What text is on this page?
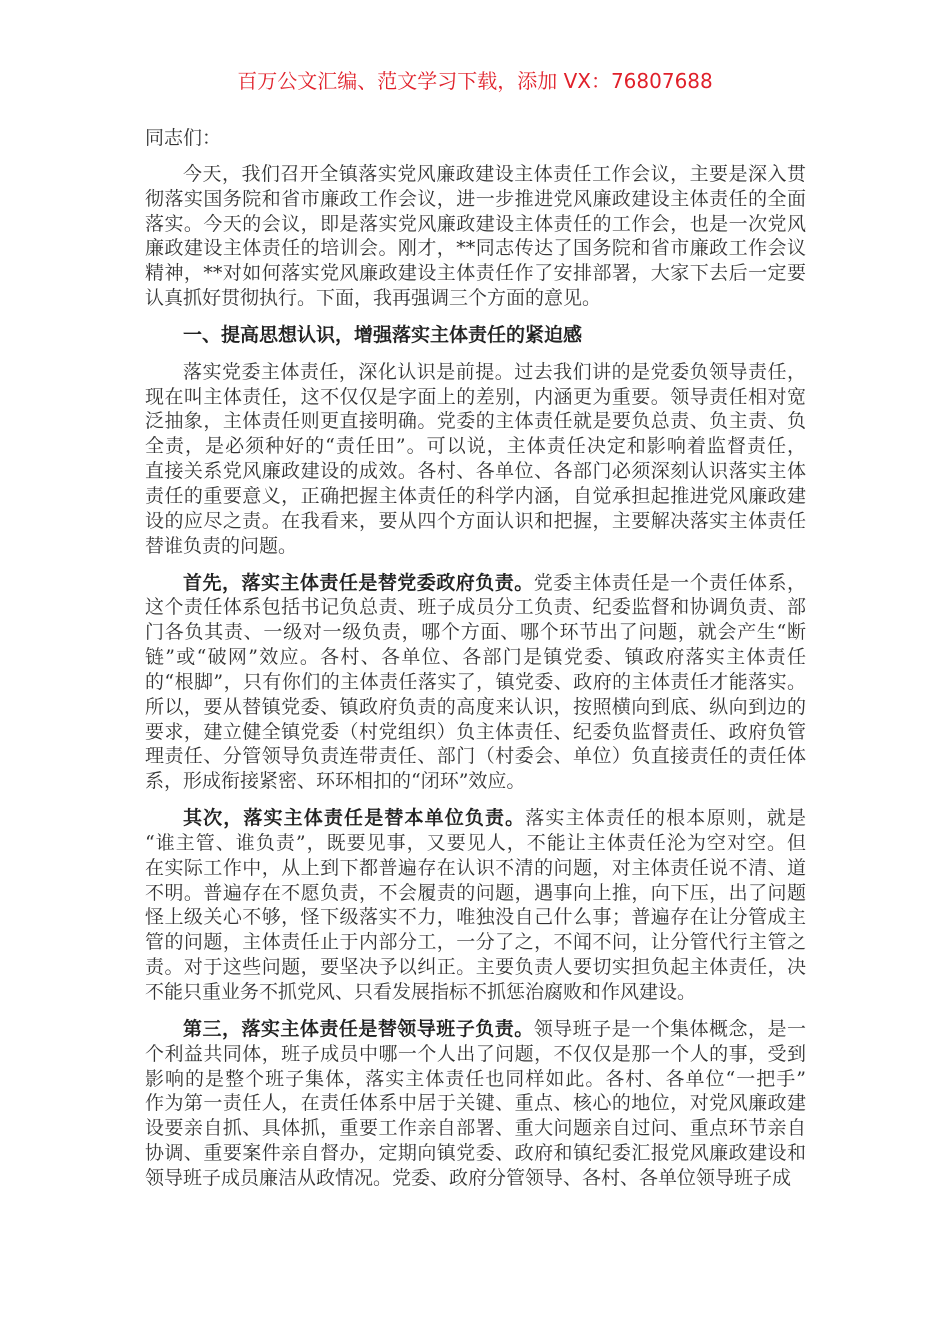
百万公文汇编、范文学习下载，添加 VX：76807688
同志们：
今天，我们召开全镇落实党风廉政建设主体责任工作会议，主要是深入贯
彻落实国务院和省市廉政工作会议，进一步推进党风廉政建设主体责任的全面
落实。今天的会议，即是落实党风廉政建设主体责任的工作会，也是一次党风
廉政建设主体责任的培训会。刚才，**同志传达了国务院和省市廉政工作会议
精神，**对如何落实党风廉政建设主体责任作了安排部署，大家下去后一定要
认真抓好贯彻执行。下面，我再强调三个方面的意见。
一、提高思想认识，增强落实主体责任的紧迫感
落实党委主体责任，深化认识是前提。过去我们讲的是党委负领导责任，
现在叫主体责任，这不仅仅是字面上的差别，内涵更为重要。领导责任相对宽
泛抽象，主体责任则更直接明确。党委的主体责任就是要负总责、负主责、负
全责，是必须种好的“责任田”。可以说，主体责任决定和影响着监督责任，
直接关系党风廉政建设的成效。各村、各单位、各部门必须深刻认识落实主体
责任的重要意义，正确把握主体责任的科学内涵，自觉承担起推进党风廉政建
设的应尽之责。在我看来，要从四个方面认识和把握，主要解决落实主体责任
替谁负责的问题。
首先，落实主体责任是替党委政府负责。党委主体责任是一个责任体系，
这个责任体系包括书记负总责、班子成员分工负责、纪委监督和协调负责、部
门各负其责、一级对一级负责，哪个方面、哪个环节出了问题，就会产生“断
链”或“破网”效应。各村、各单位、各部门是镇党委、镇政府落实主体责任
的“根脚”，只有你们的主体责任落实了，镇党委、政府的主体责任才能落实。
所以，要从替镇党委、镇政府负责的高度来认识，按照横向到底、纵向到边的
要求，建立健全镇党委（村党组织）负主体责任、纪委负监督责任、政府负管
理责任、分管领导负责连带责任、部门（村委会、单位）负直接责任的责任体
系，形成衔接紧密、环环相扣的“闭环”效应。
其次，落实主体责任是替本单位负责。落实主体责任的根本原则，就是
“谁主管、谁负责”，既要见事，又要见人，不能让主体责任沦为空对空。但
在实际工作中，从上到下都普遍存在认识不清的问题，对主体责任说不清、道
不明。普遍存在不愿负责，不会履责的问题，遇事向上推，向下压，出了问题
怪上级关心不够，怪下级落实不力，唯独没自己什么事；普遍存在让分管成主
管的问题，主体责任止于内部分工，一分了之，不闻不问，让分管代行主管之
责。对于这些问题，要坚决予以纠正。主要负责人要切实担负起主体责任，决
不能只重业务不抓党风、只看发展指标不抓惩治腐败和作风建设。
第三，落实主体责任是替领导班子负责。领导班子是一个集体概念，是一
个利益共同体，班子成员中哪一个人出了问题，不仅仅是那一个人的事，受到
影响的是整个班子集体，落实主体责任也同样如此。各村、各单位“一把手”
作为第一责任人，在责任体系中居于关键、重点、核心的地位，对党风廉政建
设要亲自抓、具体抓，重要工作亲自部署、重大问题亲自过问、重点环节亲自
协调、重要案件亲自督办，定期向镇党委、政府和镇纪委汇报党风廉政建设和
领导班子成员廉洁从政情况。党委、政府分管领导、各村、各单位领导班子成
